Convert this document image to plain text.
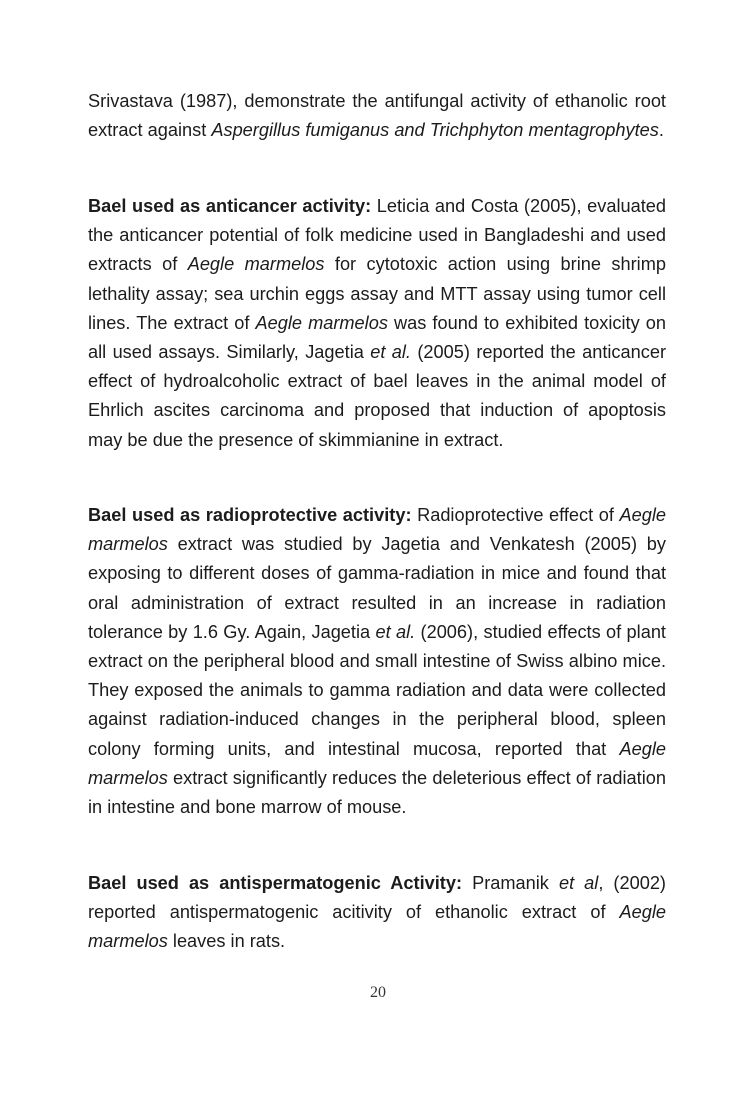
Srivastava (1987), demonstrate the antifungal activity of ethanolic root extract against Aspergillus fumiganus and Trichphyton mentagrophytes.

Bael used as anticancer activity: Leticia and Costa (2005), evaluated the anticancer potential of folk medicine used in Bangladeshi and used extracts of Aegle marmelos for cytotoxic action using brine shrimp lethality assay; sea urchin eggs assay and MTT assay using tumor cell lines. The extract of Aegle marmelos was found to exhibited toxicity on all used assays. Similarly, Jagetia et al. (2005) reported the anticancer effect of hydroalcoholic extract of bael leaves in the animal model of Ehrlich ascites carcinoma and proposed that induction of apoptosis may be due the presence of skimmianine in extract.

Bael used as radioprotective activity: Radioprotective effect of Aegle marmelos extract was studied by Jagetia and Venkatesh (2005) by exposing to different doses of gamma-radiation in mice and found that oral administration of extract resulted in an increase in radiation tolerance by 1.6 Gy. Again, Jagetia et al. (2006), studied effects of plant extract on the peripheral blood and small intestine of Swiss albino mice. They exposed the animals to gamma radiation and data were collected against radiation-induced changes in the peripheral blood, spleen colony forming units, and intestinal mucosa, reported that Aegle marmelos extract significantly reduces the deleterious effect of radiation in intestine and bone marrow of mouse.

Bael used as antispermatogenic Activity: Pramanik et al, (2002) reported antispermatogenic acitivity of ethanolic extract of Aegle marmelos leaves in rats.

20
